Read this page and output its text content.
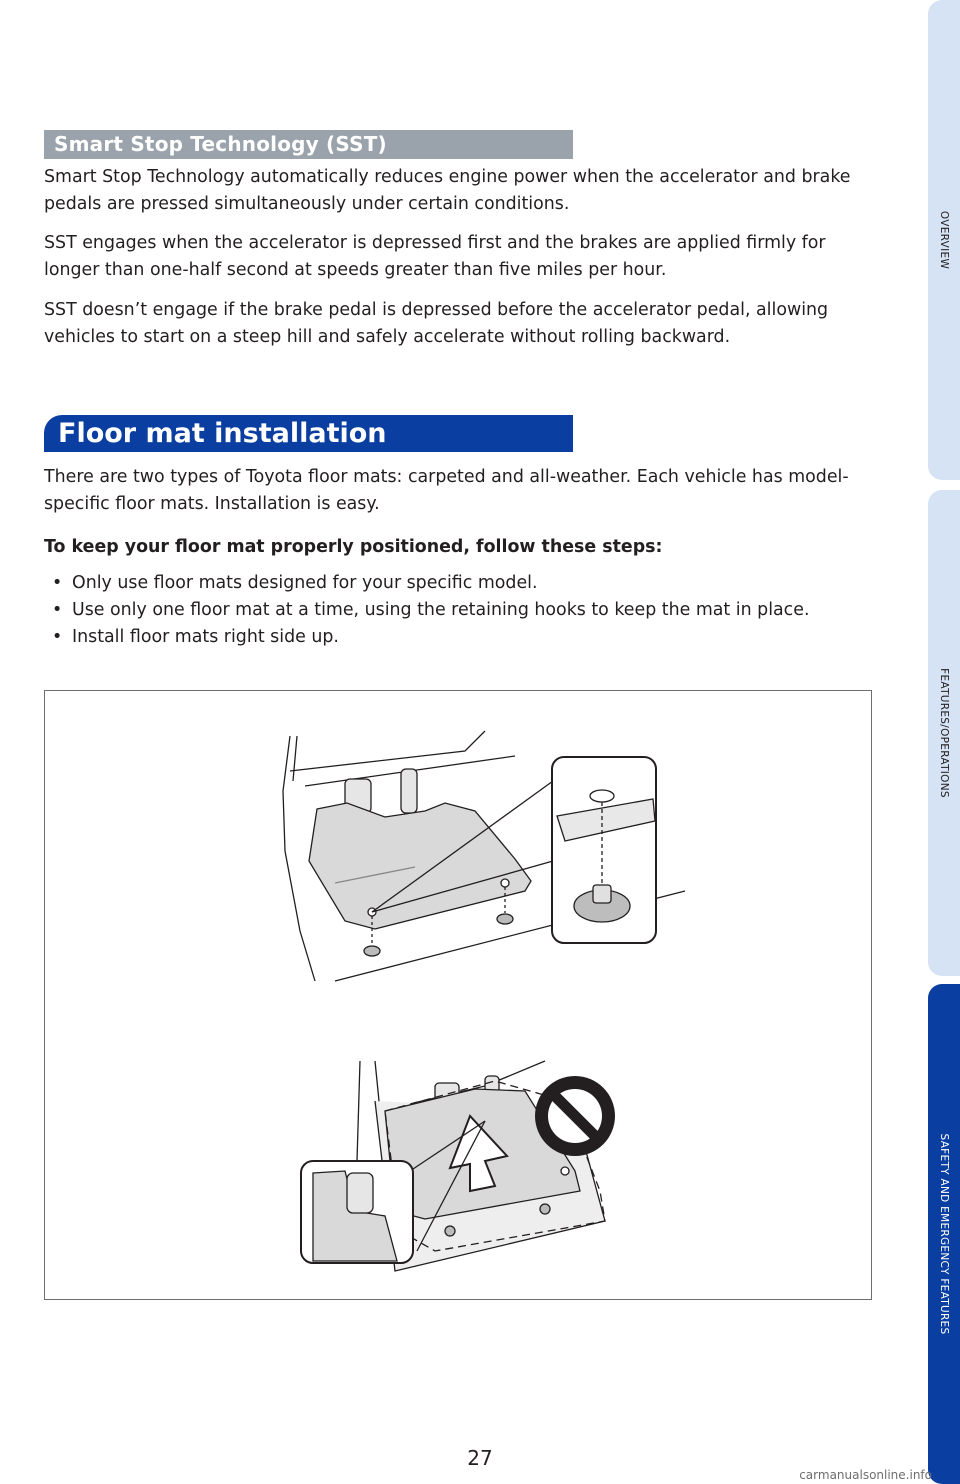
Smart Stop Technology (SST)

Smart Stop Technology automatically reduces engine power when the accelerator and brake pedals are pressed simultaneously under certain conditions.

SST engages when the accelerator is depressed first and the brakes are applied firmly for longer than one-half second at speeds greater than five miles per hour.

SST doesn’t engage if the brake pedal is depressed before the accelerator pedal, allowing vehicles to start on a steep hill and safely accelerate without rolling backward.

Floor mat installation

There are two types of Toyota floor mats: carpeted and all-weather. Each vehicle has model-specific floor mats. Installation is easy.

To keep your floor mat properly positioned, follow these steps:

• Only use floor mats designed for your specific model.
• Use only one floor mat at a time, using the retaining hooks to keep the mat in place.
• Install floor mats right side up.
OVERVIEW
FEATURES/OPERATIONS
SAFETY AND EMERGENCY FEATURES
27
carmanualsonline.info
